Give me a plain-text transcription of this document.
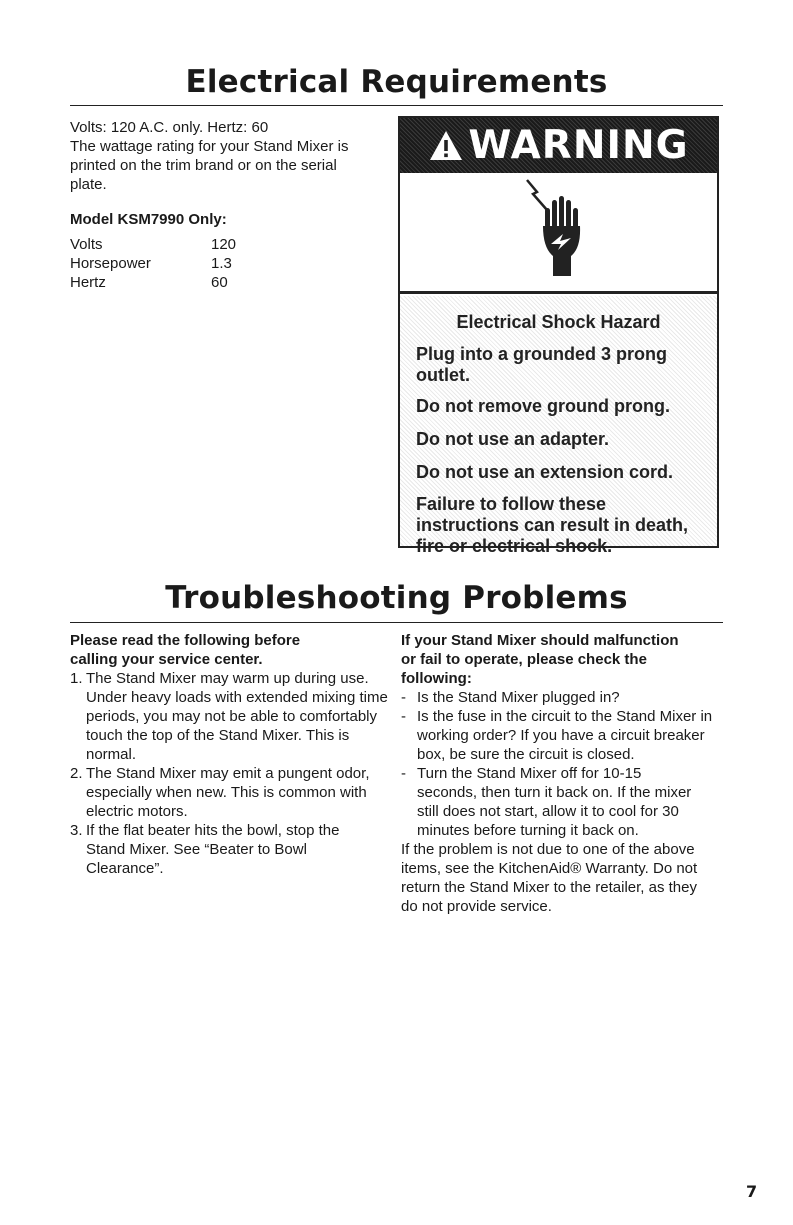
Electrical Requirements

Volts: 120 A.C. only. Hertz: 60

The wattage rating for your Stand Mixer is printed on the trim brand or on the serial plate.

Model KSM7990 Only:

Volts	120
Horsepower	1.3
Hertz	60
WARNING
Electrical Shock Hazard
Plug into a grounded 3 prong outlet.
Do not remove ground prong.
Do not use an adapter.
Do not use an extension cord.
Failure to follow these instructions can result in death, fire or electrical shock.
Troubleshooting Problems

Please read the following before calling your service center.

1. The Stand Mixer may warm up during use. Under heavy loads with extended mixing time periods, you may not be able to comfortably touch the top of the Stand Mixer. This is normal.
2. The Stand Mixer may emit a pungent odor, especially when new. This is common with electric motors.
3. If the flat beater hits the bowl, stop the Stand Mixer. See “Beater to Bowl Clearance”.

If your Stand Mixer should malfunction or fail to operate, please check the following:

- Is the Stand Mixer plugged in?
- Is the fuse in the circuit to the Stand Mixer in working order? If you have a circuit breaker box, be sure the circuit is closed.
- Turn the Stand Mixer off for 10-15 seconds, then turn it back on. If the mixer still does not start, allow it to cool for 30 minutes before turning it back on.

If the problem is not due to one of the above items, see the KitchenAid® Warranty. Do not return the Stand Mixer to the retailer, as they do not provide service.

7
